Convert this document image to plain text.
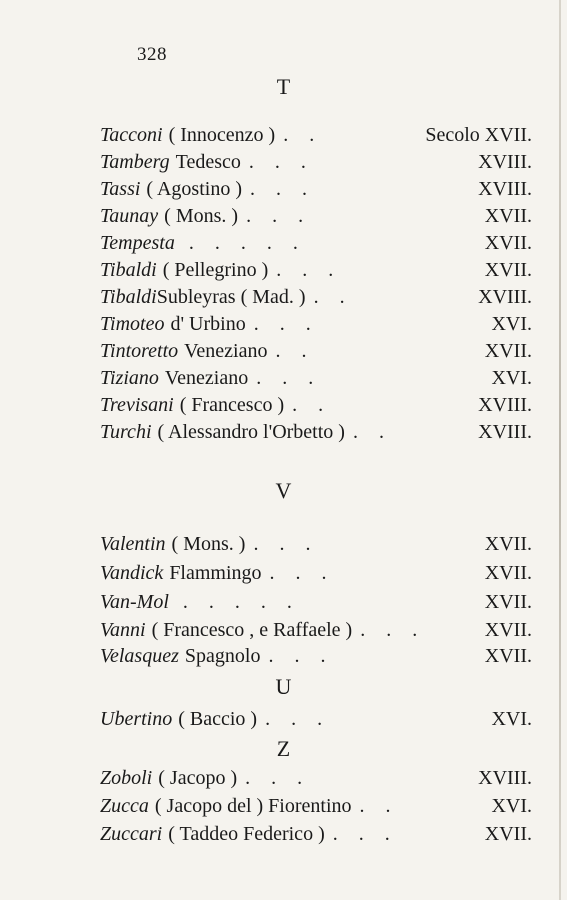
328
T
Tacconi ( Innocenzo ) . .	Secolo XVII.
Tamberg Tedesco . . .	XVIII.
Tassi ( Agostino ) . . .	XVIII.
Taunay ( Mons. ) . . .	XVII.
Tempesta . . . . .	XVII.
Tibaldi ( Pellegrino ) . . .	XVII.
TibaldiSubleyras ( Mad. ) . .	XVIII.
Timoteo d' Urbino . . .	XVI.
Tintoretto Veneziano . .	XVII.
Tiziano Veneziano . . .	XVI.
Trevisani ( Francesco ) . .	XVIII.
Turchi ( Alessandro l'Orbetto ) . .	XVIII.
V
Valentin ( Mons. ) . . .	XVII.
Vandick Flammingo . . .	XVII.
Van-Mol . . . . .	XVII.
Vanni ( Francesco , e Raffaele ) . . .	XVII.
Velasquez Spagnolo . . .	XVII.
U
Ubertino ( Baccio ) . . .	XVI.
Z
Zoboli ( Jacopo ) . . .	XVIII.
Zucca ( Jacopo del ) Fiorentino . .	XVI.
Zuccari ( Taddeo Federico ) . . .	XVII.
